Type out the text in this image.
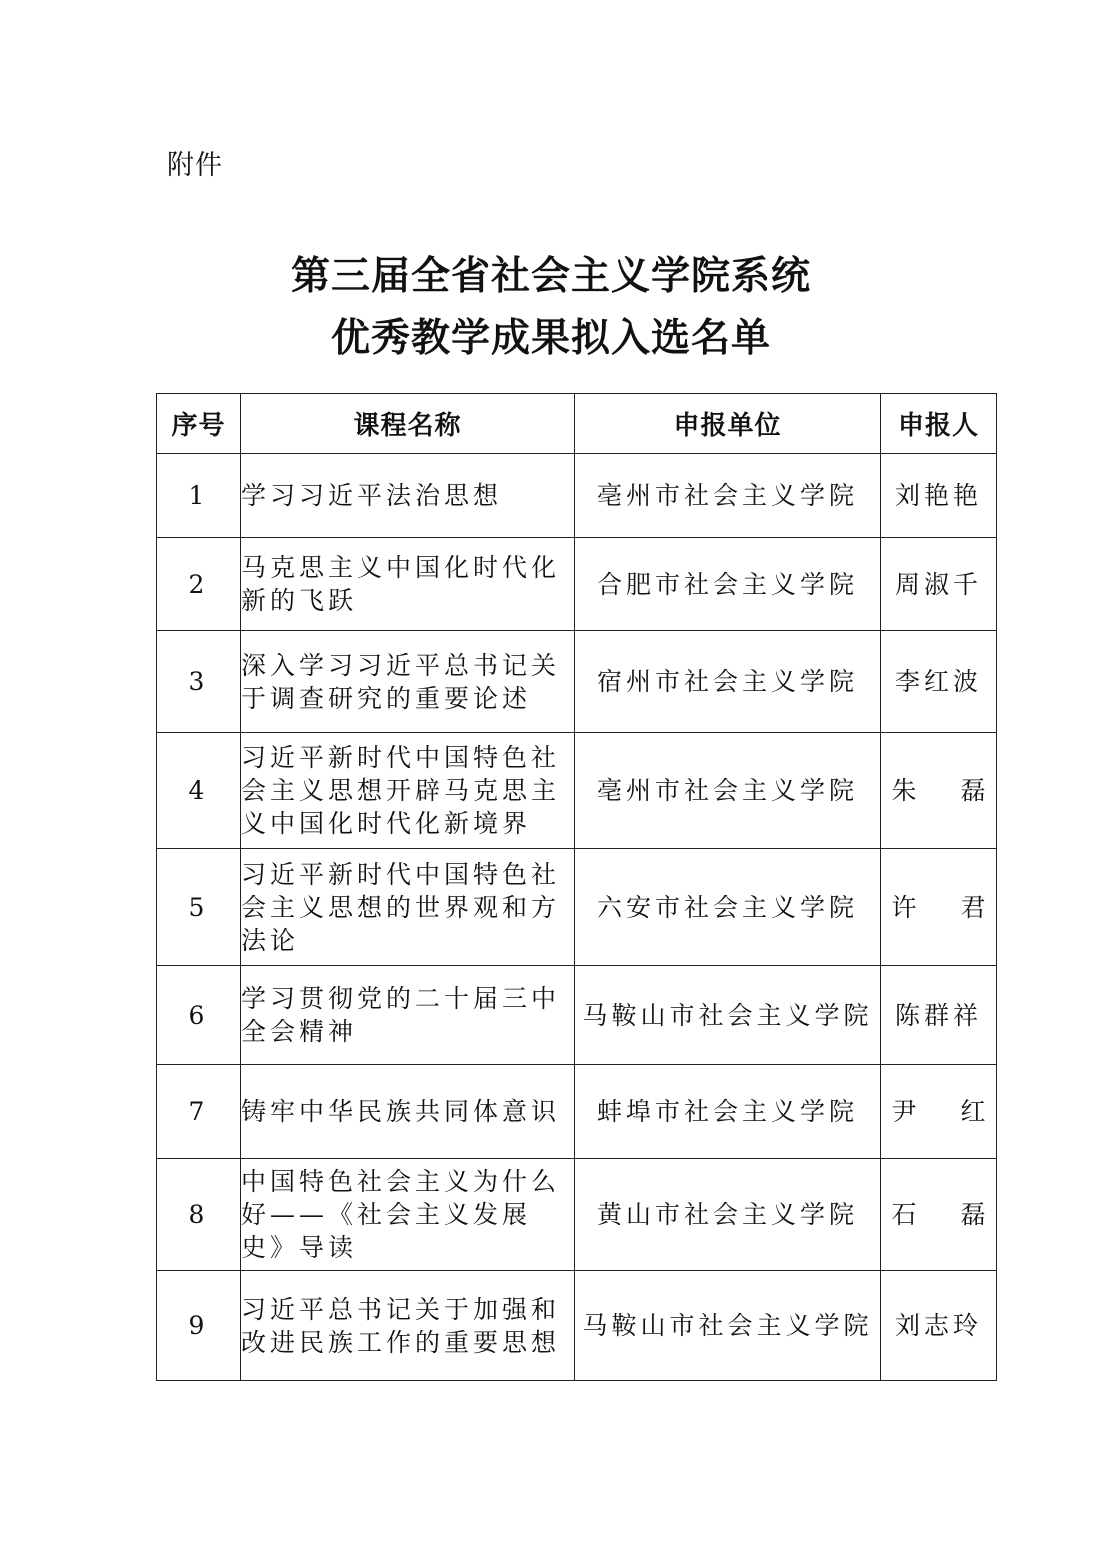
附件
第三届全省社会主义学院系统
优秀教学成果拟入选名单
序号	课程名称	申报单位	申报人
1	学习习近平法治思想	亳州市社会主义学院	刘艳艳
2	马克思主义中国化时代化新的飞跃	合肥市社会主义学院	周淑千
3	深入学习习近平总书记关于调查研究的重要论述	宿州市社会主义学院	李红波
4	习近平新时代中国特色社会主义思想开辟马克思主义中国化时代化新境界	亳州市社会主义学院	朱 磊
5	习近平新时代中国特色社会主义思想的世界观和方法论	六安市社会主义学院	许 君
6	学习贯彻党的二十届三中全会精神	马鞍山市社会主义学院	陈群祥
7	铸牢中华民族共同体意识	蚌埠市社会主义学院	尹 红
8	中国特色社会主义为什么好——《社会主义发展史》导读	黄山市社会主义学院	石 磊
9	习近平总书记关于加强和改进民族工作的重要思想	马鞍山市社会主义学院	刘志玲
